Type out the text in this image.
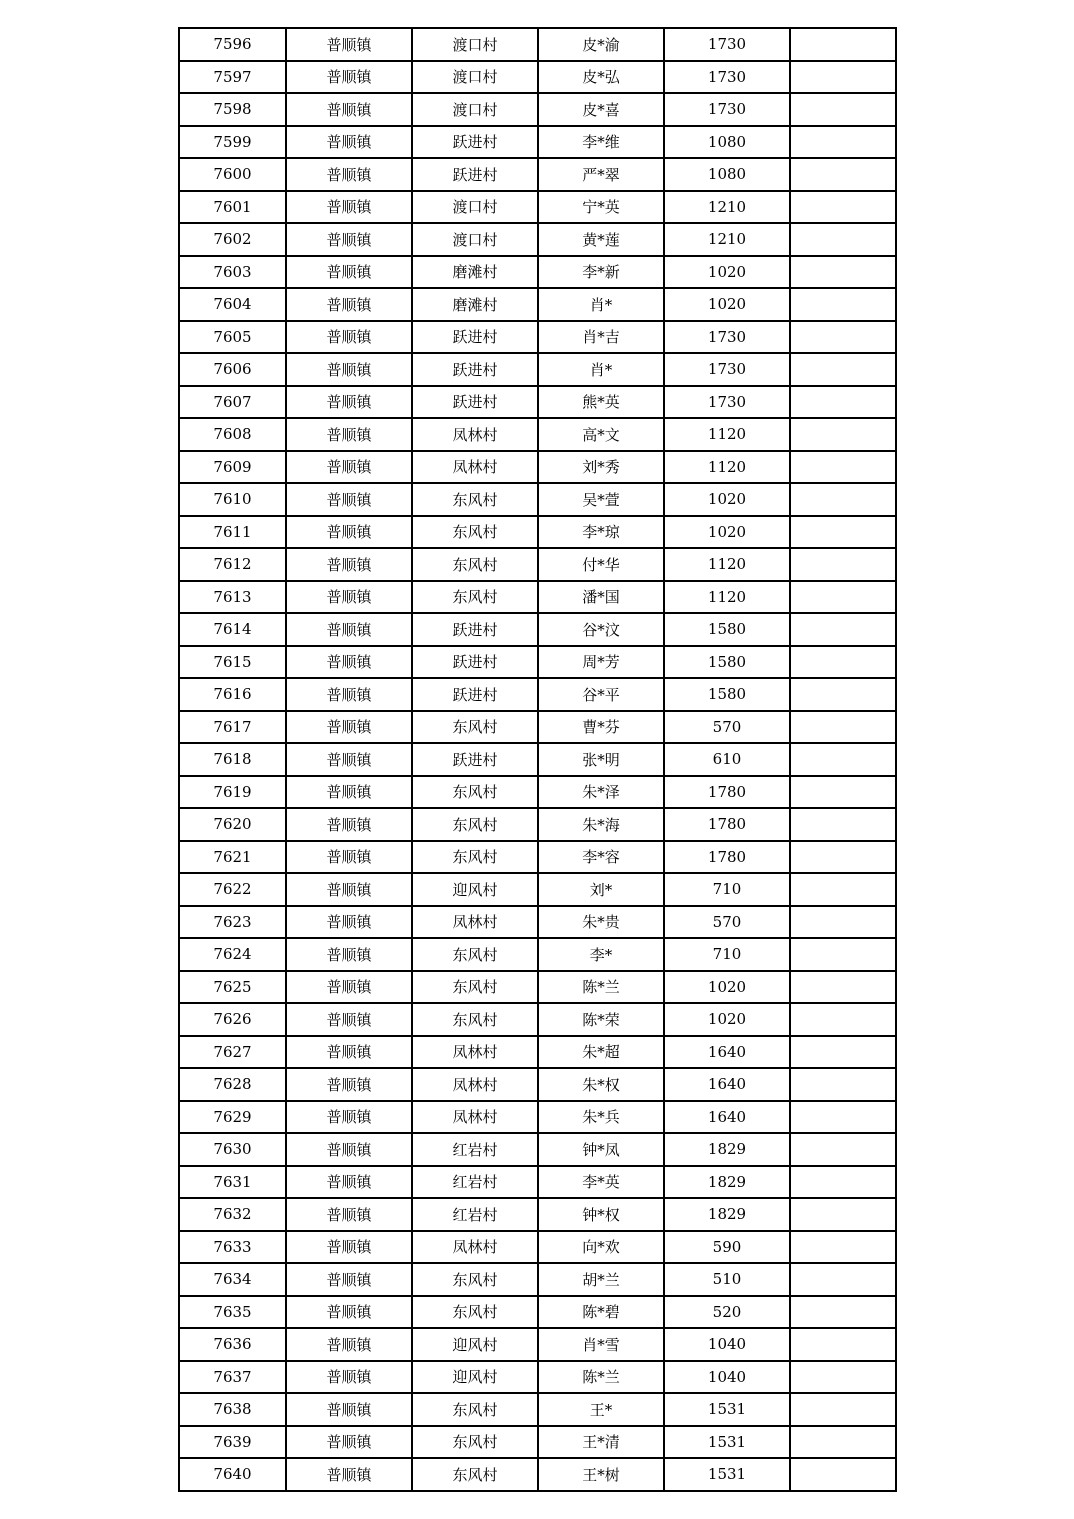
7596	普顺镇	渡口村	皮*渝	1730	
7597	普顺镇	渡口村	皮*弘	1730	
7598	普顺镇	渡口村	皮*喜	1730	
7599	普顺镇	跃进村	李*维	1080	
7600	普顺镇	跃进村	严*翠	1080	
7601	普顺镇	渡口村	宁*英	1210	
7602	普顺镇	渡口村	黄*莲	1210	
7603	普顺镇	磨滩村	李*新	1020	
7604	普顺镇	磨滩村	肖*	1020	
7605	普顺镇	跃进村	肖*吉	1730	
7606	普顺镇	跃进村	肖*	1730	
7607	普顺镇	跃进村	熊*英	1730	
7608	普顺镇	凤林村	高*文	1120	
7609	普顺镇	凤林村	刘*秀	1120	
7610	普顺镇	东风村	吴*萱	1020	
7611	普顺镇	东风村	李*琼	1020	
7612	普顺镇	东风村	付*华	1120	
7613	普顺镇	东风村	潘*国	1120	
7614	普顺镇	跃进村	谷*汶	1580	
7615	普顺镇	跃进村	周*芳	1580	
7616	普顺镇	跃进村	谷*平	1580	
7617	普顺镇	东风村	曹*芬	570	
7618	普顺镇	跃进村	张*明	610	
7619	普顺镇	东风村	朱*泽	1780	
7620	普顺镇	东风村	朱*海	1780	
7621	普顺镇	东风村	李*容	1780	
7622	普顺镇	迎风村	刘*	710	
7623	普顺镇	凤林村	朱*贵	570	
7624	普顺镇	东风村	李*	710	
7625	普顺镇	东风村	陈*兰	1020	
7626	普顺镇	东风村	陈*荣	1020	
7627	普顺镇	凤林村	朱*超	1640	
7628	普顺镇	凤林村	朱*权	1640	
7629	普顺镇	凤林村	朱*兵	1640	
7630	普顺镇	红岩村	钟*凤	1829	
7631	普顺镇	红岩村	李*英	1829	
7632	普顺镇	红岩村	钟*权	1829	
7633	普顺镇	凤林村	向*欢	590	
7634	普顺镇	东风村	胡*兰	510	
7635	普顺镇	东风村	陈*碧	520	
7636	普顺镇	迎风村	肖*雪	1040	
7637	普顺镇	迎风村	陈*兰	1040	
7638	普顺镇	东风村	王*	1531	
7639	普顺镇	东风村	王*清	1531	
7640	普顺镇	东风村	王*树	1531	
